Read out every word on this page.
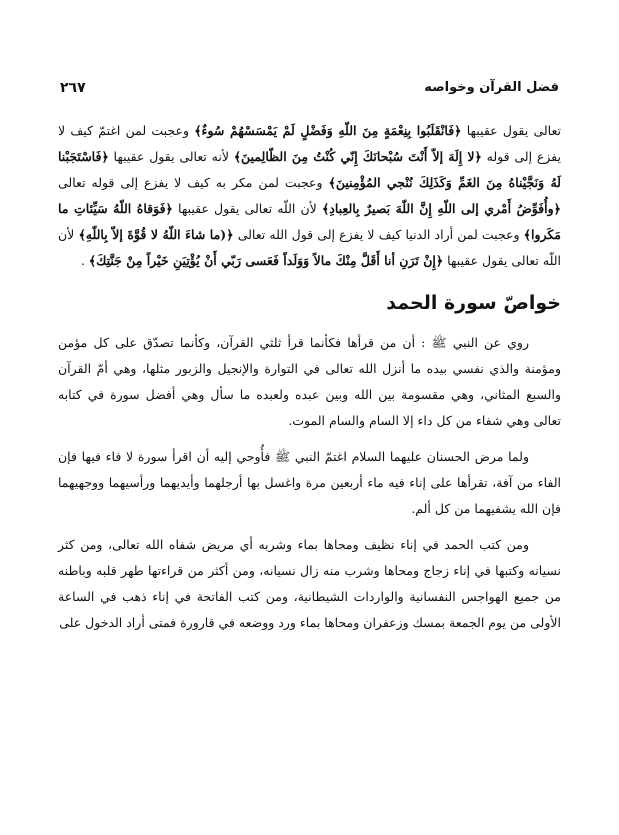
فضل القرآن وخواصه
٢٦٧

تعالى يقول عقيبها ﴿فَانْقَلَبُوا بِنِعْمَةٍ مِنَ اللّهِ وَفَضْلٍ لَمْ يَمْسَسْهُمْ سُوءٌ﴾ وعجبت لمن اغتمّ كيف لا يفزع إلى قوله ﴿لا إِلَهَ إلاّ أَنْتَ سُبْحانَكَ إِنّي كُنْتُ مِنَ الظّالِمينَ﴾ لأنه تعالى يقول عقيبها ﴿فَاسْتَجَبْنا لَهُ وَنَجَّيْناهُ مِنَ الغَمِّ وَكَذَلِكَ نُنْجي المُؤْمِنينَ﴾ وعجبت لمن مكر به كيف لا يفزع إلى قوله تعالى ﴿وأُفَوِّضُ أَمْري إلى اللّهِ إِنَّ اللّهَ بَصيرٌ بِالعِبادِ﴾ لأن اللّه تعالى يقول عقيبها ﴿فَوَقاهُ اللّهُ سَيِّئاتِ ما مَكَروا﴾ وعجبت لمن أراد الدنيا كيف لا يفزع إلى قول الله تعالى ﴿(ما شاءَ اللّهُ لا قُوَّةَ إلاّ بِاللّهِ﴾ لأن اللّه تعالى يقول عقيبها ﴿إِنْ تَرَنِ أنا أَقَلَّ مِنْكَ مالاً وَوَلَداً فَعَسى رَبّي أَنْ يُؤْتِيَنِ خَيْراً مِنْ جَنَّتِكَ﴾ .

خواصّ سورة الحمد

روي عن النبي ﷺ : أن من قرأها فكأنما قرأ ثلثي القرآن، وكأنما تصدّق على كل مؤمن ومؤمنة والذي نفسي بيده ما أنزل الله تعالى في التوارة والإنجيل والزبور مثلها، وهي أمّ القرآن والسبع المثاني، وهي مقسومة بين الله وبين عبده ولعبده ما سأل وهي أفضل سورة في كتابه تعالى وهي شفاء من كل داء إلا السام والسام الموت.

ولما مرض الحسنان عليهما السلام اغتمّ النبي ﷺ فأُوحي إليه أن اقرأ سورة لا فاء فيها فإن الفاء من آفة، تقرأها على إناء فيه ماء أربعين مرة واغسل بها أرجلهما وأيديهما ورأسيهما ووجهيهما فإن الله يشفيهما من كل ألم.

ومن كتب الحمد في إناء نظيف ومحاها بماء وشربه أي مريض شفاه الله تعالى، ومن كثر نسيانه وكتبها في إناء زجاج ومحاها وشرب منه زال نسيانه، ومن أكثر من قراءتها طهر قلبه وباطنه من جميع الهواجس النفسانية والواردات الشيطانية، ومن كتب الفاتحة في إناء ذهب في الساعة الأولى من يوم الجمعة بمسك وزعفران ومحاها بماء ورد ووضعه في قارورة فمتى أراد الدخول على
